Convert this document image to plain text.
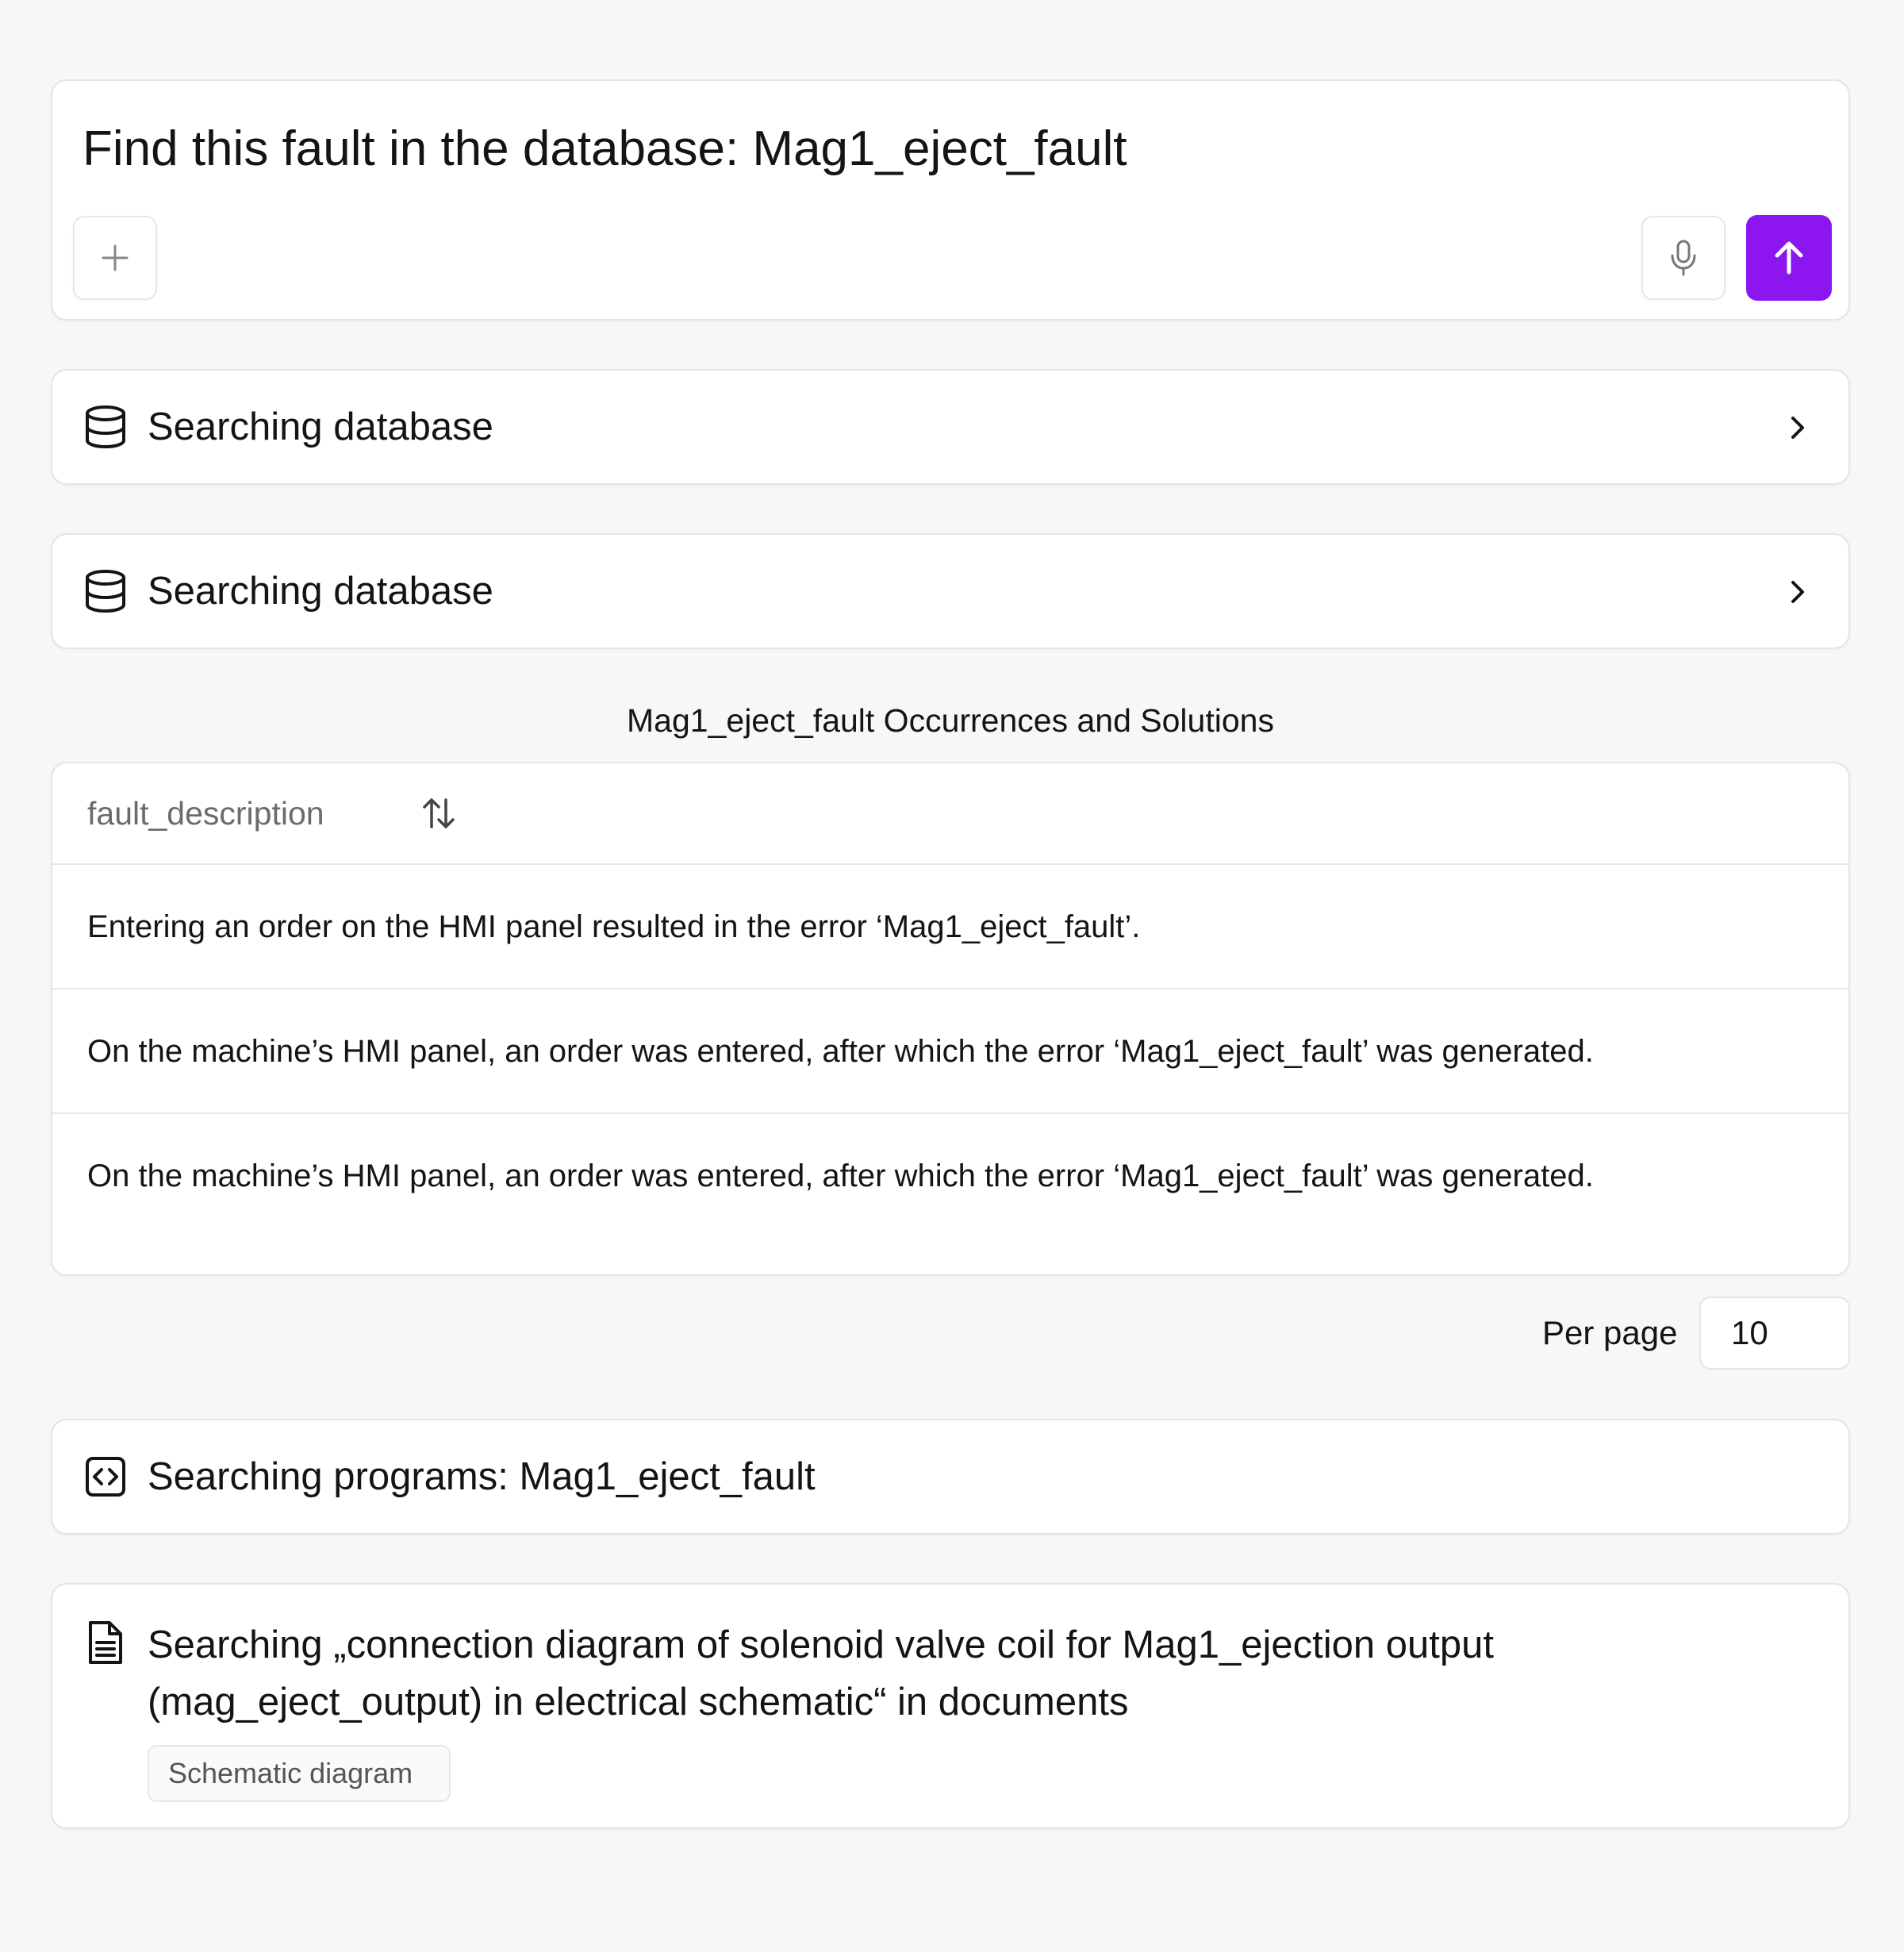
Find this fault in the database: Mag1_eject_fault
Searching database
Searching database
Mag1_eject_fault Occurrences and Solutions
fault_description
Entering an order on the HMI panel resulted in the error ‘Mag1_eject_fault’.
On the machine’s HMI panel, an order was entered, after which the error ‘Mag1_eject_fault’ was generated.
On the machine’s HMI panel, an order was entered, after which the error ‘Mag1_eject_fault’ was generated.
Per page	10
Searching programs: Mag1_eject_fault
Searching „connection diagram of solenoid valve coil for Mag1_ejection output (mag_eject_output) in electrical schematic“ in documents
Schematic diagram
